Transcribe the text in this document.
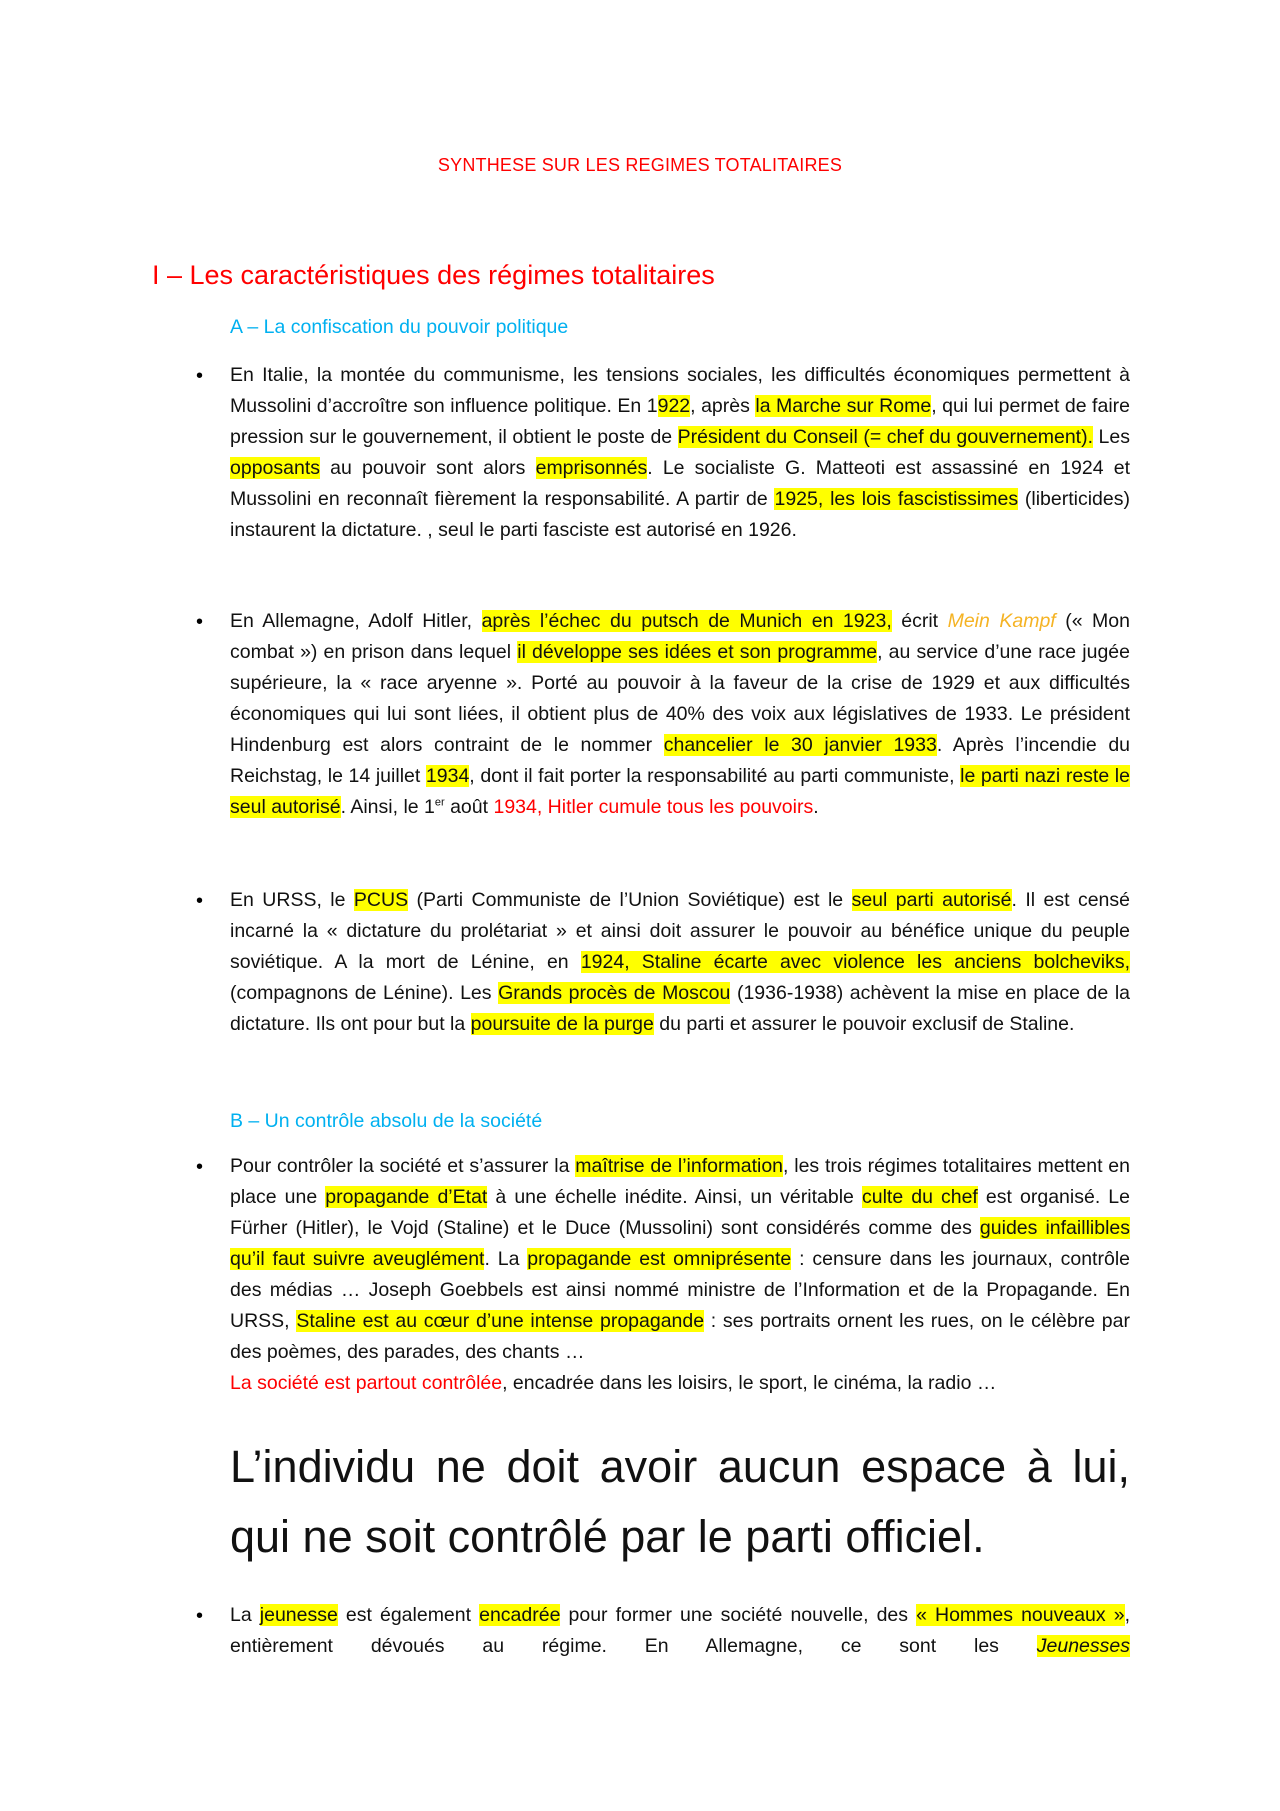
SYNTHESE SUR LES REGIMES TOTALITAIRES
I – Les caractéristiques des régimes totalitaires
A – La confiscation du pouvoir politique
• En Italie, la montée du communisme, les tensions sociales, les difficultés économiques permettent à Mussolini d’accroître son influence politique. En 1922, après la Marche sur Rome, qui lui permet de faire pression sur le gouvernement, il obtient le poste de Président du Conseil (= chef du gouvernement). Les opposants au pouvoir sont alors emprisonnés. Le socialiste G. Matteoti est assassiné en 1924 et Mussolini en reconnaît fièrement la responsabilité. A partir de 1925, les lois fascistissimes (liberticides) instaurent la dictature. , seul le parti fasciste est autorisé en 1926.
• En Allemagne, Adolf Hitler, après l’échec du putsch de Munich en 1923, écrit Mein Kampf (« Mon combat ») en prison dans lequel il développe ses idées et son programme, au service d’une race jugée supérieure, la « race aryenne ». Porté au pouvoir à la faveur de la crise de 1929 et aux difficultés économiques qui lui sont liées, il obtient plus de 40% des voix aux législatives de 1933. Le président Hindenburg est alors contraint de le nommer chancelier le 30 janvier 1933. Après l’incendie du Reichstag, le 14 juillet 1934, dont il fait porter la responsabilité au parti communiste, le parti nazi reste le seul autorisé. Ainsi, le 1er août 1934, Hitler cumule tous les pouvoirs.
• En URSS, le PCUS (Parti Communiste de l’Union Soviétique) est le seul parti autorisé. Il est censé incarné la « dictature du prolétariat » et ainsi doit assurer le pouvoir au bénéfice unique du peuple soviétique. A la mort de Lénine, en 1924, Staline écarte avec violence les anciens bolcheviks, (compagnons de Lénine). Les Grands procès de Moscou (1936-1938) achèvent la mise en place de la dictature. Ils ont pour but la poursuite de la purge du parti et assurer le pouvoir exclusif de Staline.
B – Un contrôle absolu de la société
• Pour contrôler la société et s’assurer la maîtrise de l’information, les trois régimes totalitaires mettent en place une propagande d’Etat à une échelle inédite. Ainsi, un véritable culte du chef est organisé. Le Fürher (Hitler), le Vojd (Staline) et le Duce (Mussolini) sont considérés comme des guides infaillibles qu’il faut suivre aveuglément. La propagande est omniprésente : censure dans les journaux, contrôle des médias … Joseph Goebbels est ainsi nommé ministre de l’Information et de la Propagande. En URSS, Staline est au cœur d’une intense propagande : ses portraits ornent les rues, on le célèbre par des poèmes, des parades, des chants …
La société est partout contrôlée, encadrée dans les loisirs, le sport, le cinéma, la radio …
L’individu ne doit avoir aucun espace à lui, qui ne soit contrôlé par le parti officiel.
• La jeunesse est également encadrée pour former une société nouvelle, des « Hommes nouveaux », entièrement dévoués au régime. En Allemagne, ce sont les Jeunesses
